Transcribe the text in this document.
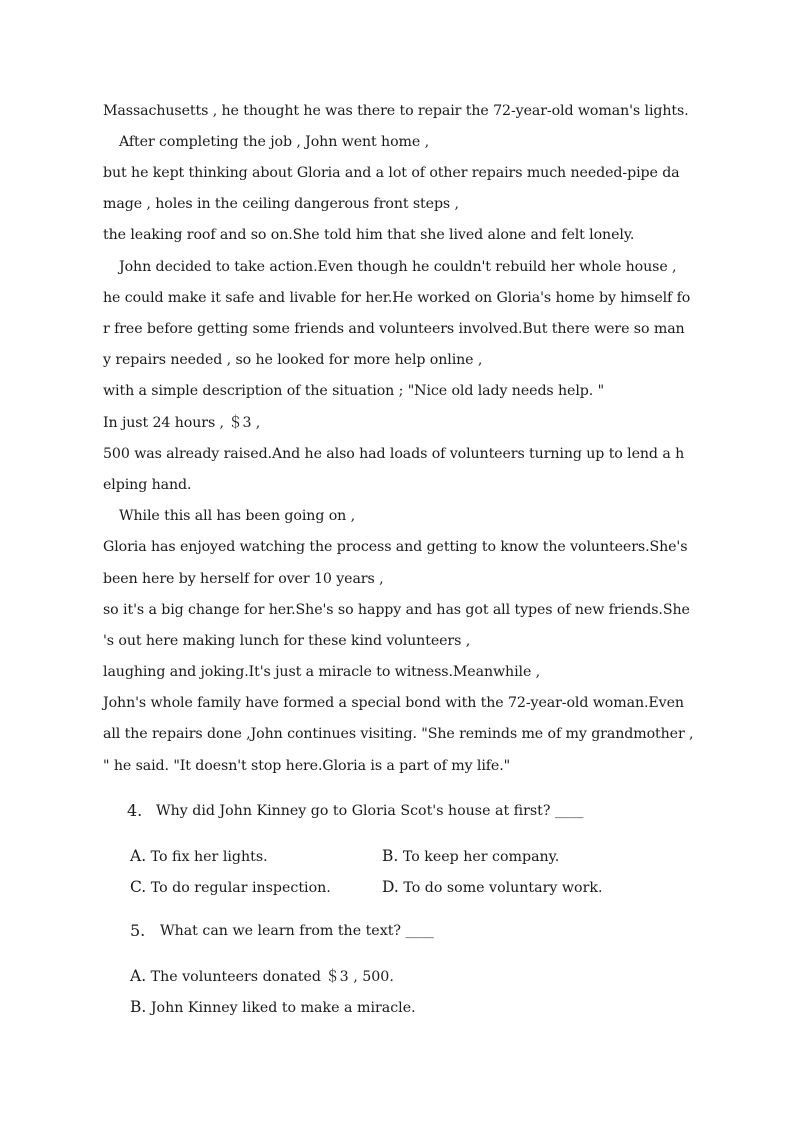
Massachusetts , he thought he was there to repair the 72-year-old woman's lights.
After completing the job , John went home ,
but he kept thinking about Gloria and a lot of other repairs much needed-pipe da
mage , holes in the ceiling dangerous front steps ,
the leaking roof and so on.She told him that she lived alone and felt lonely.
John decided to take action.Even though he couldn't rebuild her whole house ,
he could make it safe and livable for her.He worked on Gloria's home by himself fo
r free before getting some friends and volunteers involved.But there were so man
y repairs needed , so he looked for more help online ,
with a simple description of the situation ; "Nice old lady needs help. "
In just 24 hours , ＄3 ,
500 was already raised.And he also had loads of volunteers turning up to lend a h
elping hand.
While this all has been going on ,
Gloria has enjoyed watching the process and getting to know the volunteers.She's
been here by herself for over 10 years ,
so it's a big change for her.She's so happy and has got all types of new friends.She
's out here making lunch for these kind volunteers ,
laughing and joking.It's just a miracle to witness.Meanwhile ,
John's whole family have formed a special bond with the 72-year-old woman.Even
all the repairs done ,John continues visiting. "She reminds me of my grandmother ,
" he said. "It doesn't stop here.Gloria is a part of my life."
4. Why did John Kinney go to Gloria Scot's house at first? ____
A. To fix her lights.	B. To keep her company.
C. To do regular inspection.	D. To do some voluntary work.
5. What can we learn from the text? ____
A. The volunteers donated ＄3 , 500.
B. John Kinney liked to make a miracle.
